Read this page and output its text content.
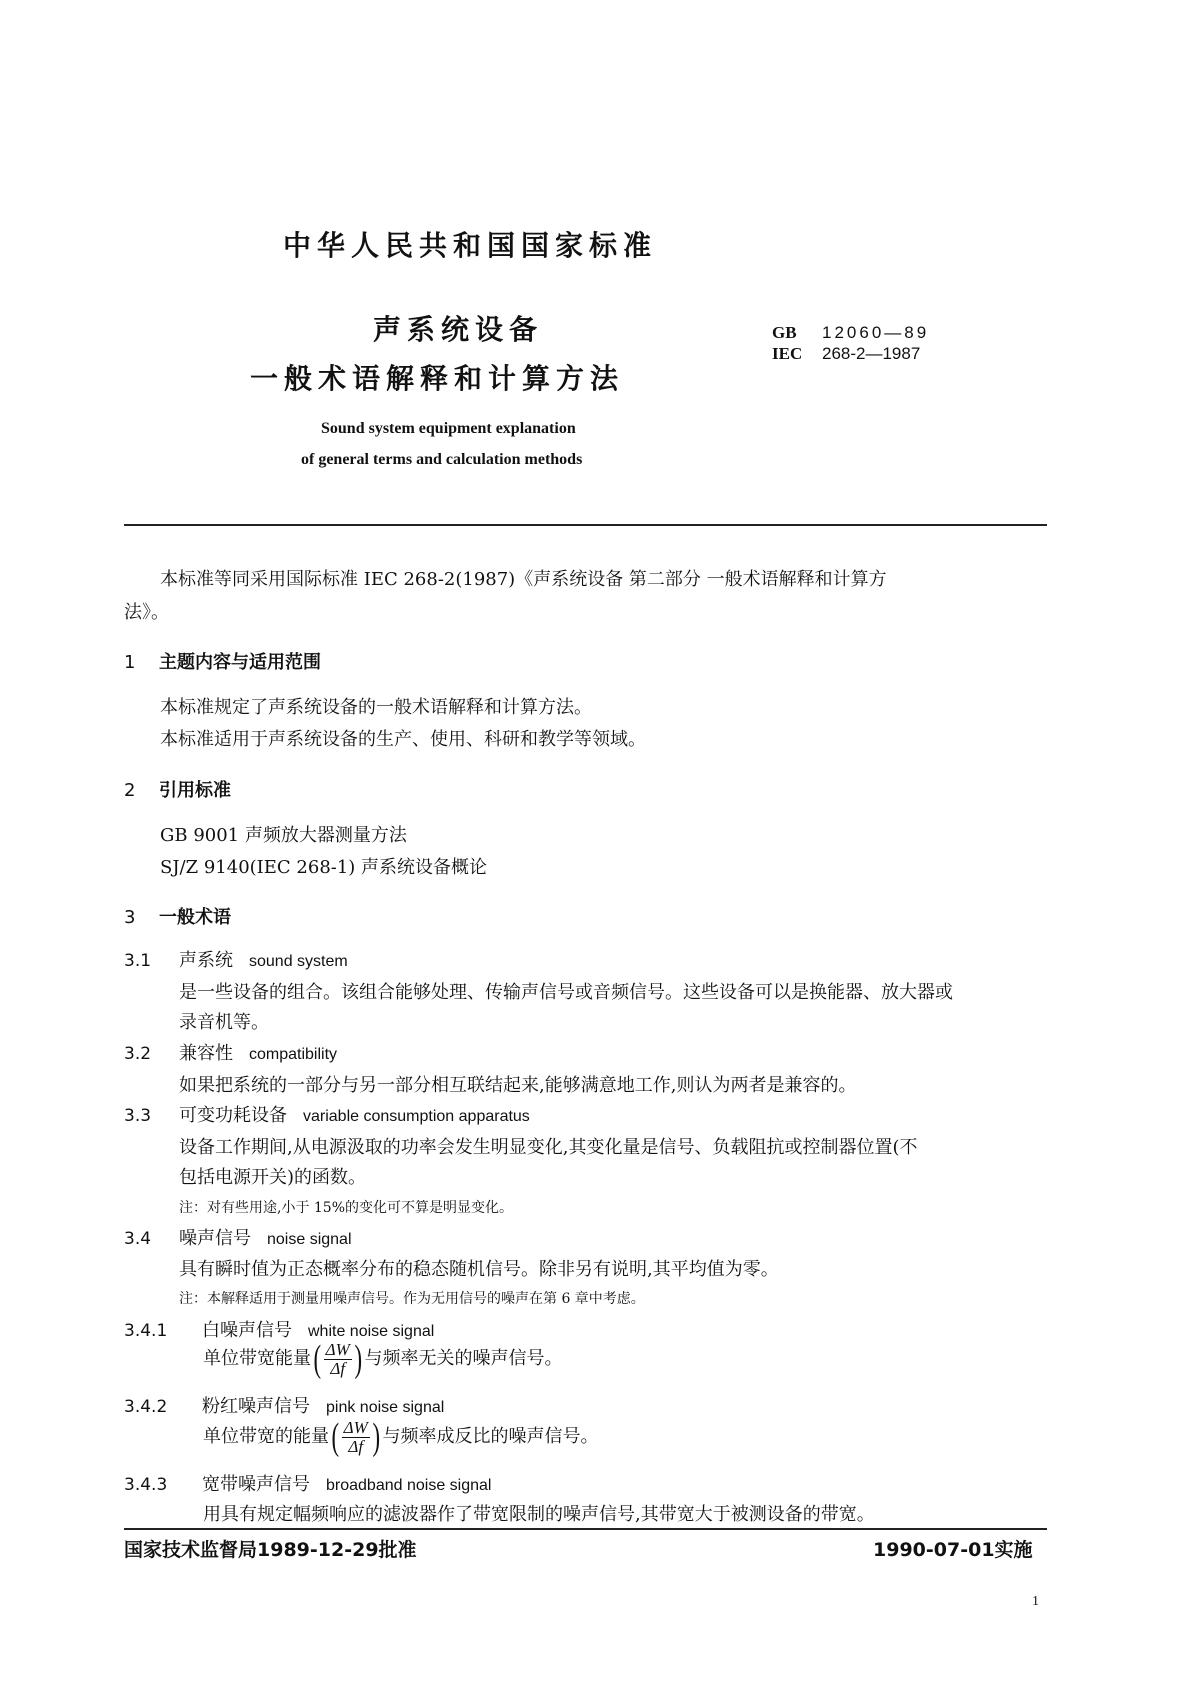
中华人民共和国国家标准
声系统设备
一般术语解释和计算方法
GB 12060—89
IEC 268-2—1987
Sound system equipment explanation
of general terms and calculation methods
本标准等同采用国际标准 IEC 268-2(1987)《声系统设备 第二部分 一般术语解释和计算方
法》。
1 主题内容与适用范围
本标准规定了声系统设备的一般术语解释和计算方法。
本标准适用于声系统设备的生产、使用、科研和教学等领域。
2 引用标准
GB 9001 声频放大器测量方法
SJ/Z 9140(IEC 268-1) 声系统设备概论
3 一般术语
3.1 声系统 sound system
是一些设备的组合。该组合能够处理、传输声信号或音频信号。这些设备可以是换能器、放大器或
录音机等。
3.2 兼容性 compatibility
如果把系统的一部分与另一部分相互联结起来,能够满意地工作,则认为两者是兼容的。
3.3 可变功耗设备 variable consumption apparatus
设备工作期间,从电源汲取的功率会发生明显变化,其变化量是信号、负载阻抗或控制器位置(不
包括电源开关)的函数。
注：对有些用途,小于 15%的变化可不算是明显变化。
3.4 噪声信号 noise signal
具有瞬时值为正态概率分布的稳态随机信号。除非另有说明,其平均值为零。
注：本解释适用于测量用噪声信号。作为无用信号的噪声在第 6 章中考虑。
3.4.1 白噪声信号 white noise signal
单位带宽能量 ( $\frac{\Delta W}{\Delta f}$ ) 与频率无关的噪声信号。
3.4.2 粉红噪声信号 pink noise signal
单位带宽的能量 ( $\frac{\Delta W}{\Delta f}$ ) 与频率成反比的噪声信号。
3.4.3 宽带噪声信号 broadband noise signal
用具有规定幅频响应的滤波器作了带宽限制的噪声信号,其带宽大于被测设备的带宽。
国家技术监督局1989-12-29批准	1990-07-01实施
1
